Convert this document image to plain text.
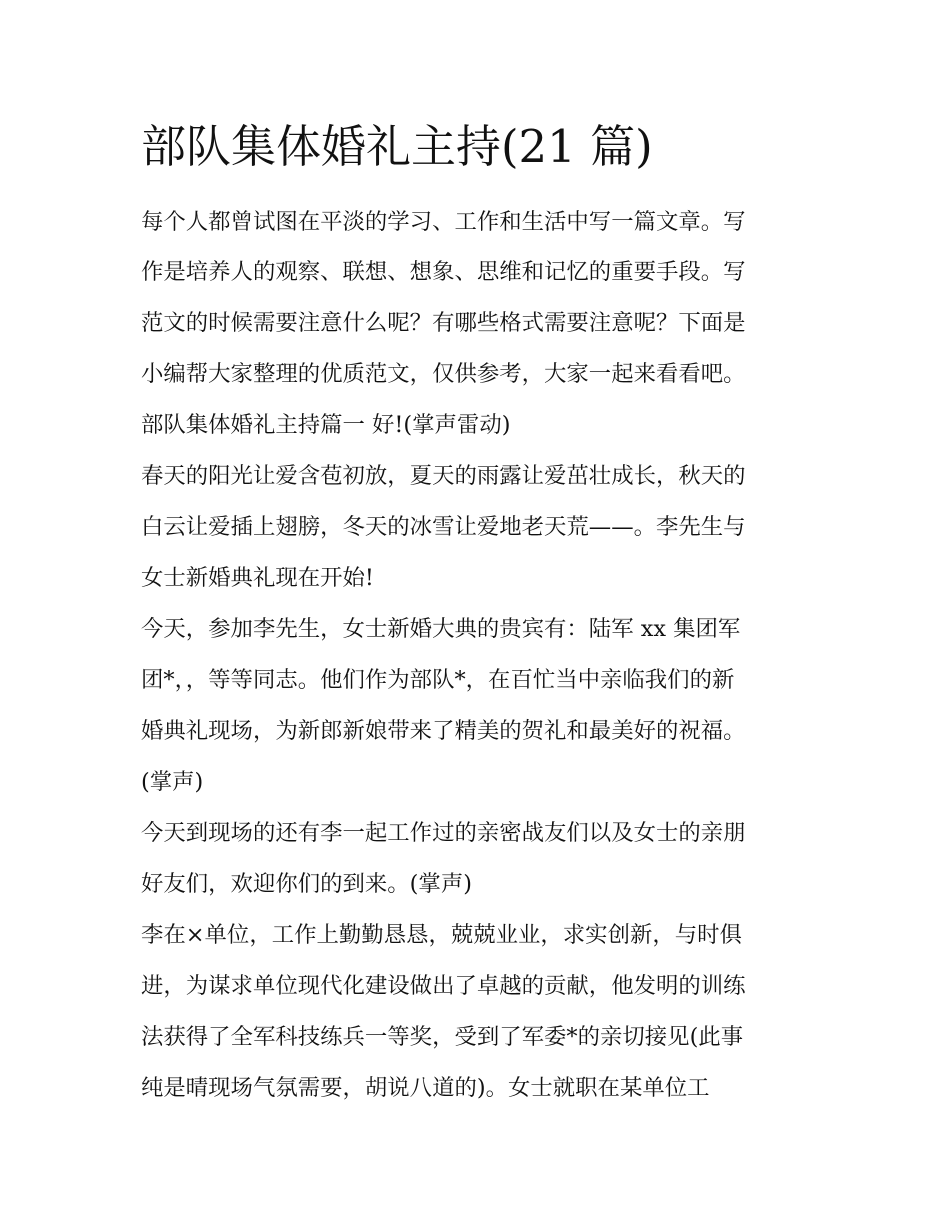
部队集体婚礼主持(21 篇)
每个人都曾试图在平淡的学习、工作和生活中写一篇文章。写
作是培养人的观察、联想、想象、思维和记忆的重要手段。写
范文的时候需要注意什么呢？有哪些格式需要注意呢？下面是
小编帮大家整理的优质范文，仅供参考，大家一起来看看吧。
部队集体婚礼主持篇一 好!(掌声雷动)
春天的阳光让爱含苞初放，夏天的雨露让爱茁壮成长，秋天的
白云让爱插上翅膀，冬天的冰雪让爱地老天荒——。李先生与
女士新婚典礼现在开始!
今天，参加李先生，女士新婚大典的贵宾有：陆军 xx 集团军
团*，，等等同志。他们作为部队*，在百忙当中亲临我们的新
婚典礼现场，为新郎新娘带来了精美的贺礼和最美好的祝福。
(掌声)
今天到现场的还有李一起工作过的亲密战友们以及女士的亲朋
好友们，欢迎你们的到来。(掌声)
李在×单位，工作上勤勤恳恳，兢兢业业，求实创新，与时俱
进，为谋求单位现代化建设做出了卓越的贡献，他发明的训练
法获得了全军科技练兵一等奖，受到了军委*的亲切接见(此事
纯是晴现场气氛需要，胡说八道的)。女士就职在某单位工
